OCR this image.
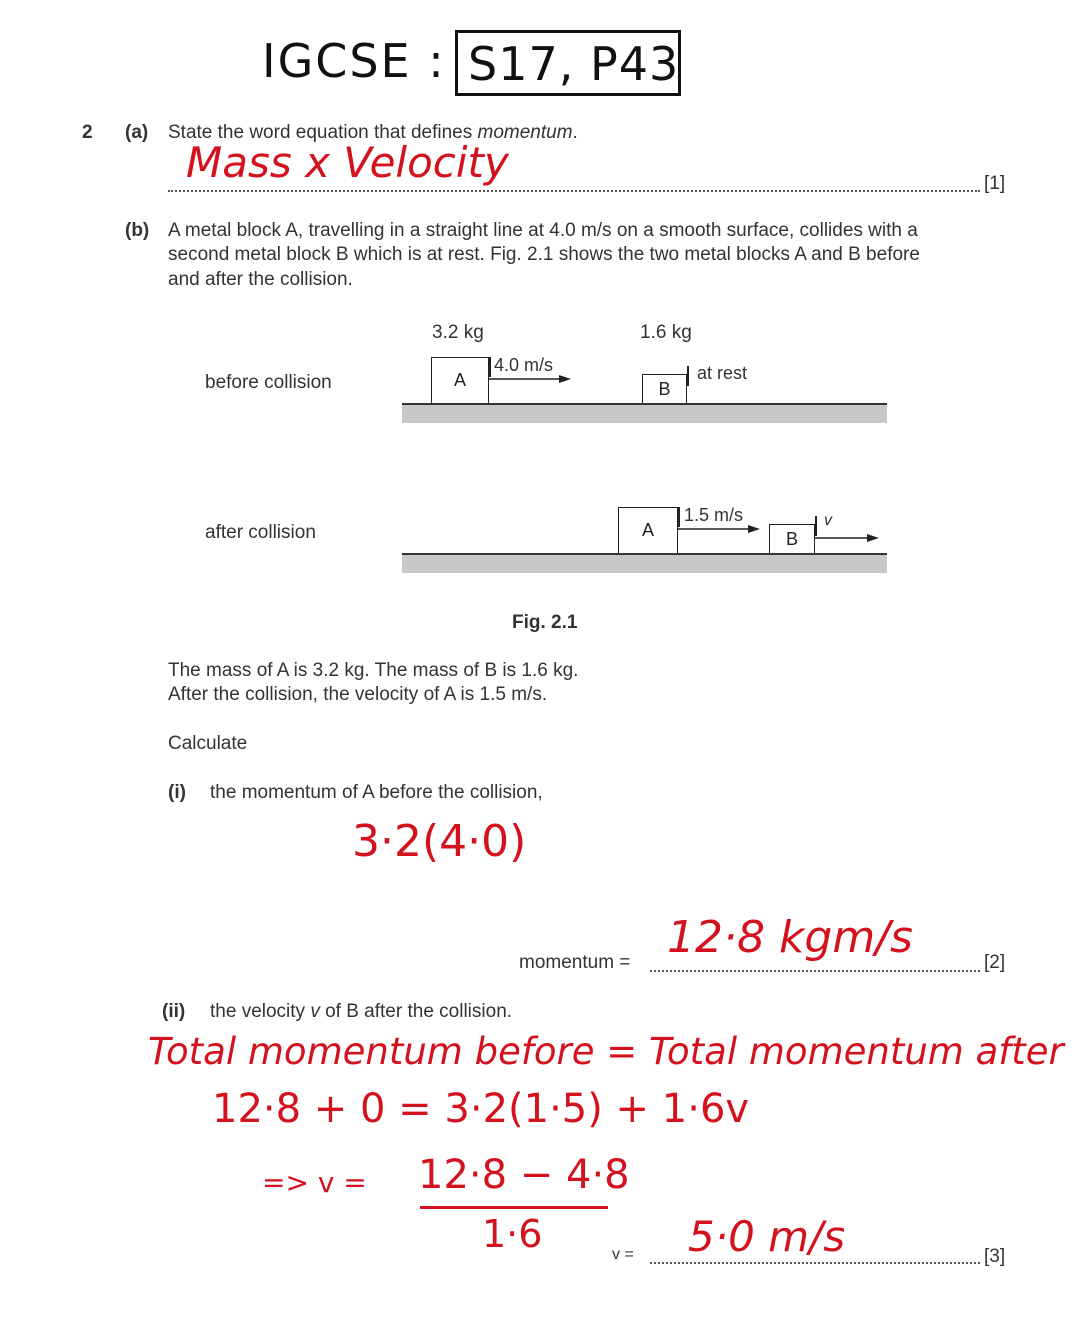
IGCSE : S17, P43
2 (a) State the word equation that defines momentum.
Mass x Velocity	[1]
(b) A metal block A, travelling in a straight line at 4.0 m/s on a smooth surface, collides with a
second metal block B which is at rest. Fig. 2.1 shows the two metal blocks A and B before
and after the collision.
3.2 kg	1.6 kg
before collision	A
4.0 m/s
B
at rest
after collision	A
1.5 m/s
B
v
Fig. 2.1
The mass of A is 3.2 kg. The mass of B is 1.6 kg.
After the collision, the velocity of A is 1.5 m/s.
Calculate
(i) the momentum of A before the collision,
3·2(4·0)
momentum = 12·8 kgm/s	[2]
(ii) the velocity v of B after the collision.
Total momentum before = Total momentum after
12·8 + 0 = 3·2(1·5) + 1·6v
=> v = 12·8 − 4·8
1·6	v = 5·0 m/s	[3]
